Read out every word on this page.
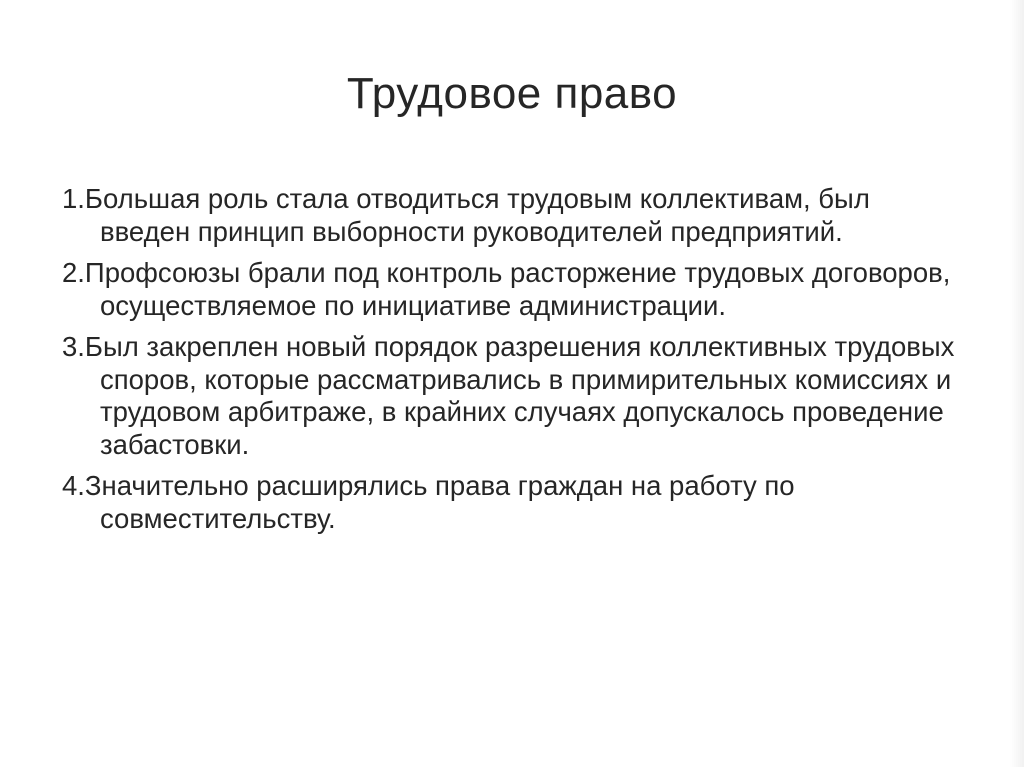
Трудовое право
1.Большая роль стала отводиться трудовым коллективам, был введен принцип выборности руководителей предприятий.
2.Профсоюзы брали под контроль расторжение трудовых договоров, осуществляемое по инициативе администрации.
3.Был закреплен новый порядок разрешения коллективных трудовых споров, которые рассматривались в примирительных комиссиях и трудовом арбитраже, в крайних случаях допускалось проведение забастовки.
4.Значительно расширялись права граждан на работу по совместительству.
